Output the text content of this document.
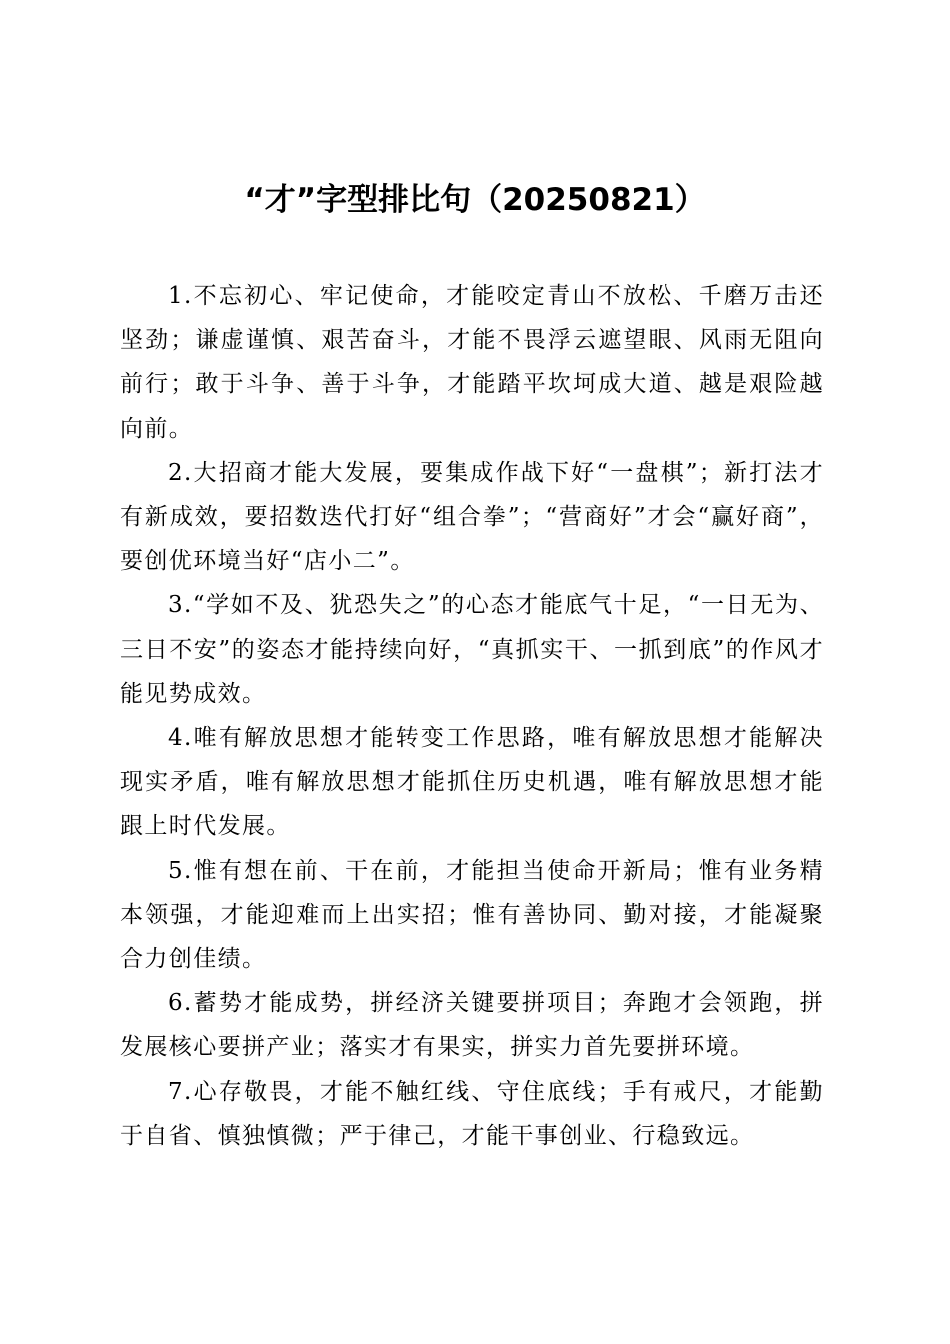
“才”字型排比句（20250821）

1.不忘初心、牢记使命，才能咬定青山不放松、千磨万击还坚劲；谦虚谨慎、艰苦奋斗，才能不畏浮云遮望眼、风雨无阻向前行；敢于斗争、善于斗争，才能踏平坎坷成大道、越是艰险越向前。

2.大招商才能大发展，要集成作战下好“一盘棋”；新打法才有新成效，要招数迭代打好“组合拳”；“营商好”才会“赢好商”，要创优环境当好“店小二”。

3.“学如不及、犹恐失之”的心态才能底气十足，“一日无为、三日不安”的姿态才能持续向好，“真抓实干、一抓到底”的作风才能见势成效。

4.唯有解放思想才能转变工作思路，唯有解放思想才能解决现实矛盾，唯有解放思想才能抓住历史机遇，唯有解放思想才能跟上时代发展。

5.惟有想在前、干在前，才能担当使命开新局；惟有业务精本领强，才能迎难而上出实招；惟有善协同、勤对接，才能凝聚合力创佳绩。

6.蓄势才能成势，拼经济关键要拼项目；奔跑才会领跑，拼发展核心要拼产业；落实才有果实，拼实力首先要拼环境。

7.心存敬畏，才能不触红线、守住底线；手有戒尺，才能勤于自省、慎独慎微；严于律己，才能干事创业、行稳致远。
